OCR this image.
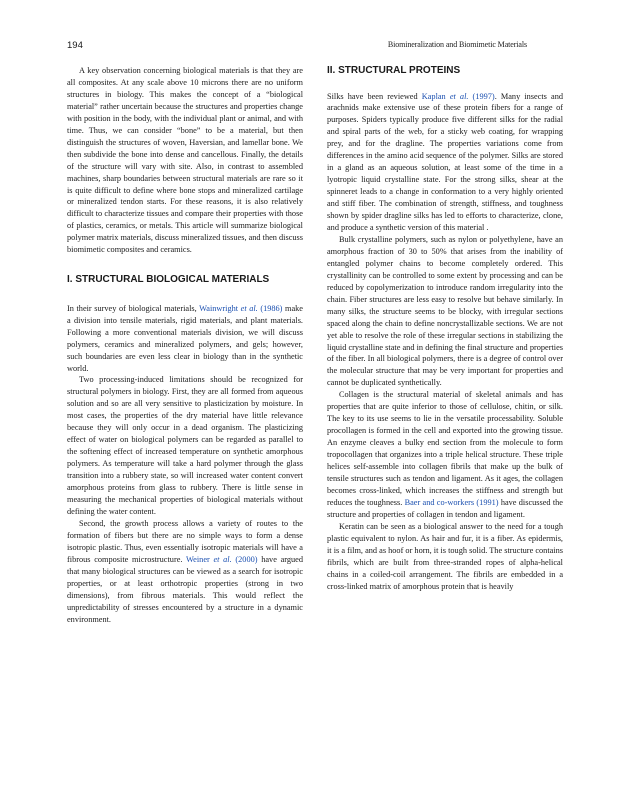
194	Biomineralization and Biomimetic Materials

A key observation concerning biological materials is that they are all composites. At any scale above 10 microns there are no uniform structures in biology. This makes the concept of a “biological material” rather uncertain because the structures and properties change with position in the body, with the individual plant or animal, and with time. Thus, we can consider “bone” to be a material, but then distinguish the structures of woven, Haversian, and lamellar bone. We then subdivide the bone into dense and cancellous. Finally, the details of the structure will vary with site. Also, in contrast to assembled machines, sharp boundaries between structural materials are rare so it is quite difficult to define where bone stops and mineralized cartilage or mineralized tendon starts. For these reasons, it is also relatively difficult to characterize tissues and compare their properties with those of plastics, ceramics, or metals. This article will summarize biological polymer matrix materials, discuss mineralized tissues, and then discuss biomimetic composites and ceramics.

I. STRUCTURAL BIOLOGICAL MATERIALS

In their survey of biological materials, Wainwright et al. (1986) make a division into tensile materials, rigid materials, and plant materials. Following a more conventional materials division, we will discuss polymers, ceramics and mineralized polymers, and gels; however, such boundaries are even less clear in biology than in the synthetic world.

Two processing-induced limitations should be recognized for structural polymers in biology. First, they are all formed from aqueous solution and so are all very sensitive to plasticization by moisture. In most cases, the properties of the dry material have little relevance because they will only occur in a dead organism. The plasticizing effect of water on biological polymers can be regarded as parallel to the softening effect of increased temperature on synthetic amorphous polymers. As temperature will take a hard polymer through the glass transition into a rubbery state, so will increased water content convert amorphous proteins from glass to rubbery. There is little sense in measuring the mechanical properties of biological materials without defining the water content.

Second, the growth process allows a variety of routes to the formation of fibers but there are no simple ways to form a dense isotropic plastic. Thus, even essentially isotropic materials will have a fibrous composite microstructure. Weiner et al. (2000) have argued that many biological structures can be viewed as a search for isotropic properties, or at least orthotropic properties (strong in two dimensions), from fibrous materials. This would reflect the unpredictability of stresses encountered by a structure in a dynamic environment.

II. STRUCTURAL PROTEINS

Silks have been reviewed Kaplan et al. (1997). Many insects and arachnids make extensive use of these protein fibers for a range of purposes. Spiders typically produce five different silks for the radial and spiral parts of the web, for a sticky web coating, for wrapping prey, and for the dragline. The properties variations come from differences in the amino acid sequence of the polymer. Silks are stored in a gland as an aqueous solution, at least some of the time in a lyotropic liquid crystalline state. For the strong silks, shear at the spinneret leads to a change in conformation to a very highly oriented and stiff fiber. The combination of strength, stiffness, and toughness shown by spider dragline silks has led to efforts to characterize, clone, and produce a synthetic version of this material .

Bulk crystalline polymers, such as nylon or polyethylene, have an amorphous fraction of 30 to 50% that arises from the inability of entangled polymer chains to become completely ordered. This crystallinity can be controlled to some extent by processing and can be reduced by copolymerization to introduce random irregularity into the chain. Fiber structures are less easy to resolve but behave similarly. In many silks, the structure seems to be blocky, with irregular sections spaced along the chain to define noncrystallizable sections. We are not yet able to resolve the role of these irregular sections in stabilizing the liquid crystalline state and in defining the final structure and properties of the fiber. In all biological polymers, there is a degree of control over the molecular structure that may be very important for properties and cannot be duplicated synthetically.

Collagen is the structural material of skeletal animals and has properties that are quite inferior to those of cellulose, chitin, or silk. The key to its use seems to lie in the versatile processability. Soluble procollagen is formed in the cell and exported into the growing tissue. An enzyme cleaves a bulky end section from the molecule to form tropocollagen that organizes into a triple helical structure. These triple helices self-assemble into collagen fibrils that make up the bulk of tensile structures such as tendon and ligament. As it ages, the collagen becomes cross-linked, which increases the stiffness and strength but reduces the toughness. Baer and co-workers (1991) have discussed the structure and properties of collagen in tendon and ligament.

Keratin can be seen as a biological answer to the need for a tough plastic equivalent to nylon. As hair and fur, it is a fiber. As epidermis, it is a film, and as hoof or horn, it is tough solid. The structure contains fibrils, which are built from three-stranded ropes of alpha-helical chains in a coiled-coil arrangement. The fibrils are embedded in a cross-linked matrix of amorphous protein that is heavily
